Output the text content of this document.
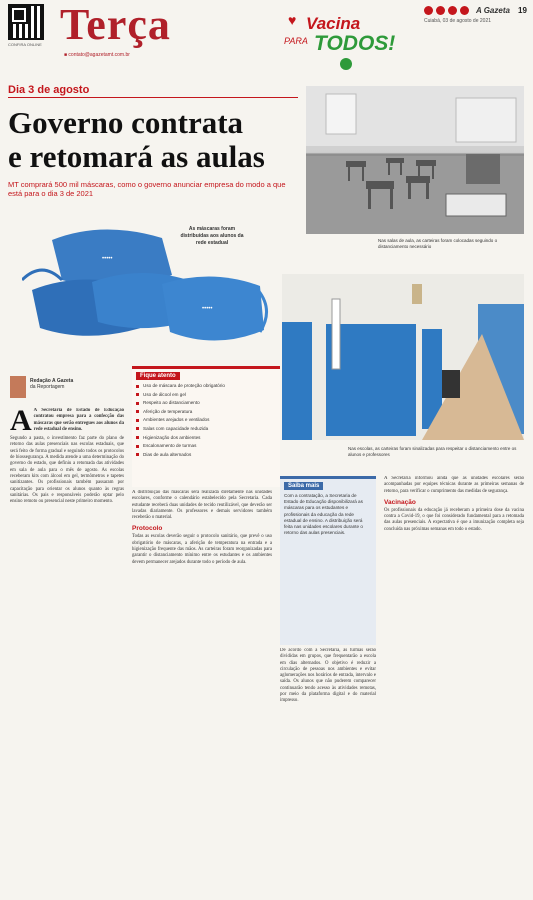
CONFIRA ONLINE Terça
■ contato@agazetamt.com.br
♥ Vacina
PARA TODOS!
A Gazeta 19
Cuiabá, 03 de agosto de 2021
Dia 3 de agosto
Governo contrata
e retomará as aulas
MT comprará 500 mil máscaras, como o governo anunciar empresa do modo a que está para o dia 3 de 2021
Nas salas de aula, as carteiras foram colocadas seguindo o distanciamento necessário
•••••
•••••
As máscaras foram distribuídas aos alunos da rede estadual
Nas escolas, as carteiras foram sinalizadas para respeitar o distanciamento entre os alunos e professores
Redação A Gazeta
da Reportagem
Fique atento
Uso de máscara de proteção obrigatório
Uso de álcool em gel
Respeito ao distanciamento
Aferição de temperatura
Ambientes arejados e ventilados
Salas com capacidade reduzida
Higienização dos ambientes
Escalonamento de turmas
Dias de aula alternados
Saiba mais
Com a contratação, a Secretaria de Estado de Educação disponibilizará as máscaras para os estudantes e profissionais da educação da rede estadual de ensino. A distribuição será feita nas unidades escolares durante o retorno das aulas presenciais.
A A Secretaria de Estado de Educação contratou empresa para a confecção das máscaras que serão entregues aos alunos da rede estadual de ensino.

Segundo a pasta, o investimento faz parte do plano de retorno das aulas presenciais nas escolas estaduais, que será feito de forma gradual e seguindo todos os protocolos de biossegurança. A medida atende a uma determinação do governo do estado, que definiu a retomada das atividades em sala de aula para o mês de agosto. As escolas receberam kits com álcool em gel, termômetros e tapetes sanitizantes. Os profissionais também passaram por capacitação para orientar os alunos quanto às regras sanitárias. Os pais e responsáveis poderão optar pelo ensino remoto ou presencial neste primeiro momento.

A distribuição das máscaras será realizada diretamente nas unidades escolares, conforme o calendário estabelecido pela Secretaria. Cada estudante receberá duas unidades de tecido reutilizável, que deverão ser lavadas diariamente. Os professores e demais servidores também receberão o material.

Protocolo

Todas as escolas deverão seguir o protocolo sanitário, que prevê o uso obrigatório de máscaras, a aferição de temperatura na entrada e a higienização frequente das mãos. As carteiras foram reorganizadas para garantir o distanciamento mínimo entre os estudantes e os ambientes devem permanecer arejados durante todo o período de aula.

De acordo com a Secretaria, as turmas serão divididas em grupos, que frequentarão a escola em dias alternados. O objetivo é reduzir a circulação de pessoas nos ambientes e evitar aglomerações nos horários de entrada, intervalo e saída. Os alunos que não puderem comparecer continuarão tendo acesso às atividades remotas, por meio da plataforma digital e do material impresso.

A Secretaria informou ainda que as unidades escolares serão acompanhadas por equipes técnicas durante as primeiras semanas de retorno, para verificar o cumprimento das medidas de segurança.

Vacinação

Os profissionais da educação já receberam a primeira dose da vacina contra a Covid-19, o que foi considerado fundamental para a retomada das aulas presenciais. A expectativa é que a imunização completa seja concluída nas próximas semanas em todo o estado.
